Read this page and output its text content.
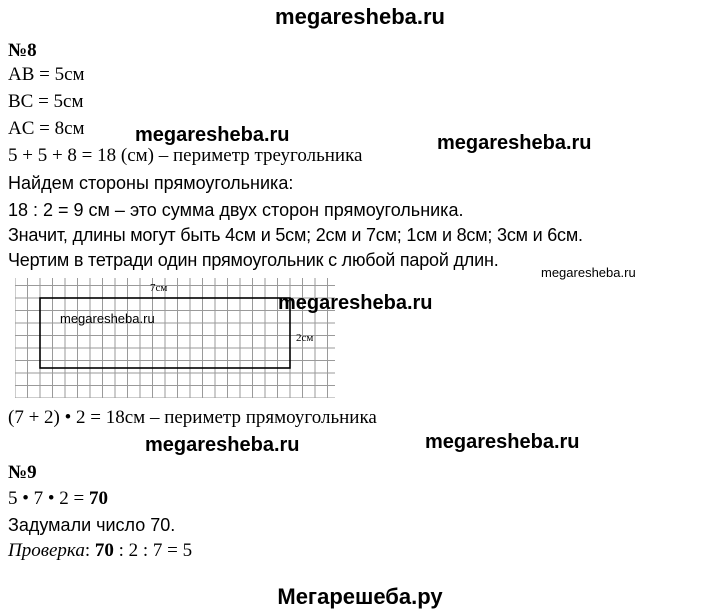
megaresheba.ru
№8
AB = 5см
BC = 5см
AC = 8см	megaresheba.ru	megaresheba.ru
5 + 5 + 8 = 18 (см) – периметр треугольника
Найдем стороны прямоугольника:
18 : 2 = 9 см – это сумма двух сторон прямоугольника.
Значит, длины могут быть 4см и 5см; 2см и 7см; 1см и 8см; 3см и 6см.
Чертим в тетради один прямоугольник с любой парой длин.
megaresheba.ru
7см
2см
megaresheba.ru
megaresheba.ru
(7 + 2) • 2 = 18см – периметр прямоугольника
megaresheba.ru	megaresheba.ru
№9
5 • 7 • 2 = 70
Задумали число 70.
Проверка: 70 : 2 : 7 = 5
Мегарешеба.ру
